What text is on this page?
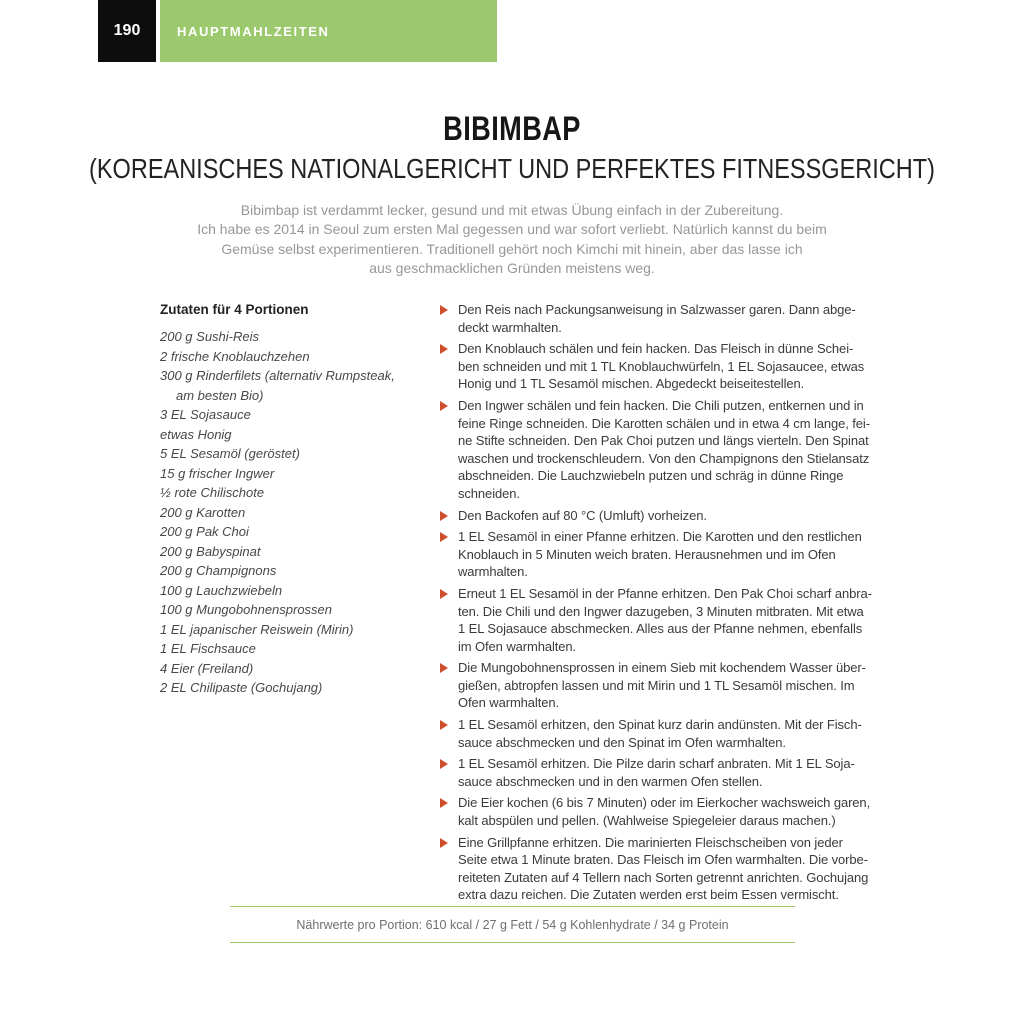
190	HAUPTMAHLZEITEN
BIBIMBAP
(KOREANISCHES NATIONALGERICHT UND PERFEKTES FITNESSGERICHT)
Bibimbap ist verdammt lecker, gesund und mit etwas Übung einfach in der Zubereitung.
Ich habe es 2014 in Seoul zum ersten Mal gegessen und war sofort verliebt. Natürlich kannst du beim
Gemüse selbst experimentieren. Traditionell gehört noch Kimchi mit hinein, aber das lasse ich
aus geschmacklichen Gründen meistens weg.
Zutaten für 4 Portionen
200 g Sushi-Reis
2 frische Knoblauchzehen
300 g Rinderfilets (alternativ Rumpsteak, am besten Bio)
3 EL Sojasauce
etwas Honig
5 EL Sesamöl (geröstet)
15 g frischer Ingwer
½ rote Chilischote
200 g Karotten
200 g Pak Choi
200 g Babyspinat
200 g Champignons
100 g Lauchzwiebeln
100 g Mungobohnensprossen
1 EL japanischer Reiswein (Mirin)
1 EL Fischsauce
4 Eier (Freiland)
2 EL Chilipaste (Gochujang)
Den Reis nach Packungsanweisung in Salzwasser garen. Dann abge-
deckt warmhalten.
Den Knoblauch schälen und fein hacken. Das Fleisch in dünne Schei-
ben schneiden und mit 1 TL Knoblauchwürfeln, 1 EL Sojasaucee, etwas
Honig und 1 TL Sesamöl mischen. Abgedeckt beiseitestellen.
Den Ingwer schälen und fein hacken. Die Chili putzen, entkernen und in
feine Ringe schneiden. Die Karotten schälen und in etwa 4 cm lange, fei-
ne Stifte schneiden. Den Pak Choi putzen und längs vierteln. Den Spinat
waschen und trockenschleudern. Von den Champignons den Stielansatz
abschneiden. Die Lauchzwiebeln putzen und schräg in dünne Ringe
schneiden.
Den Backofen auf 80 °C (Umluft) vorheizen.
1 EL Sesamöl in einer Pfanne erhitzen. Die Karotten und den restlichen
Knoblauch in 5 Minuten weich braten. Herausnehmen und im Ofen
warmhalten.
Erneut 1 EL Sesamöl in der Pfanne erhitzen. Den Pak Choi scharf anbra-
ten. Die Chili und den Ingwer dazugeben, 3 Minuten mitbraten. Mit etwa
1 EL Sojasauce abschmecken. Alles aus der Pfanne nehmen, ebenfalls
im Ofen warmhalten.
Die Mungobohnensprossen in einem Sieb mit kochendem Wasser über-
gießen, abtropfen lassen und mit Mirin und 1 TL Sesamöl mischen. Im
Ofen warmhalten.
1 EL Sesamöl erhitzen, den Spinat kurz darin andünsten. Mit der Fisch-
sauce abschmecken und den Spinat im Ofen warmhalten.
1 EL Sesamöl erhitzen. Die Pilze darin scharf anbraten. Mit 1 EL Soja-
sauce abschmecken und in den warmen Ofen stellen.
Die Eier kochen (6 bis 7 Minuten) oder im Eierkocher wachsweich garen,
kalt abspülen und pellen. (Wahlweise Spiegeleier daraus machen.)
Eine Grillpfanne erhitzen. Die marinierten Fleischscheiben von jeder
Seite etwa 1 Minute braten. Das Fleisch im Ofen warmhalten. Die vorbe-
reiteten Zutaten auf 4 Tellern nach Sorten getrennt anrichten. Gochujang
extra dazu reichen. Die Zutaten werden erst beim Essen vermischt.
Nährwerte pro Portion: 610 kcal / 27 g Fett / 54 g Kohlenhydrate / 34 g Protein
